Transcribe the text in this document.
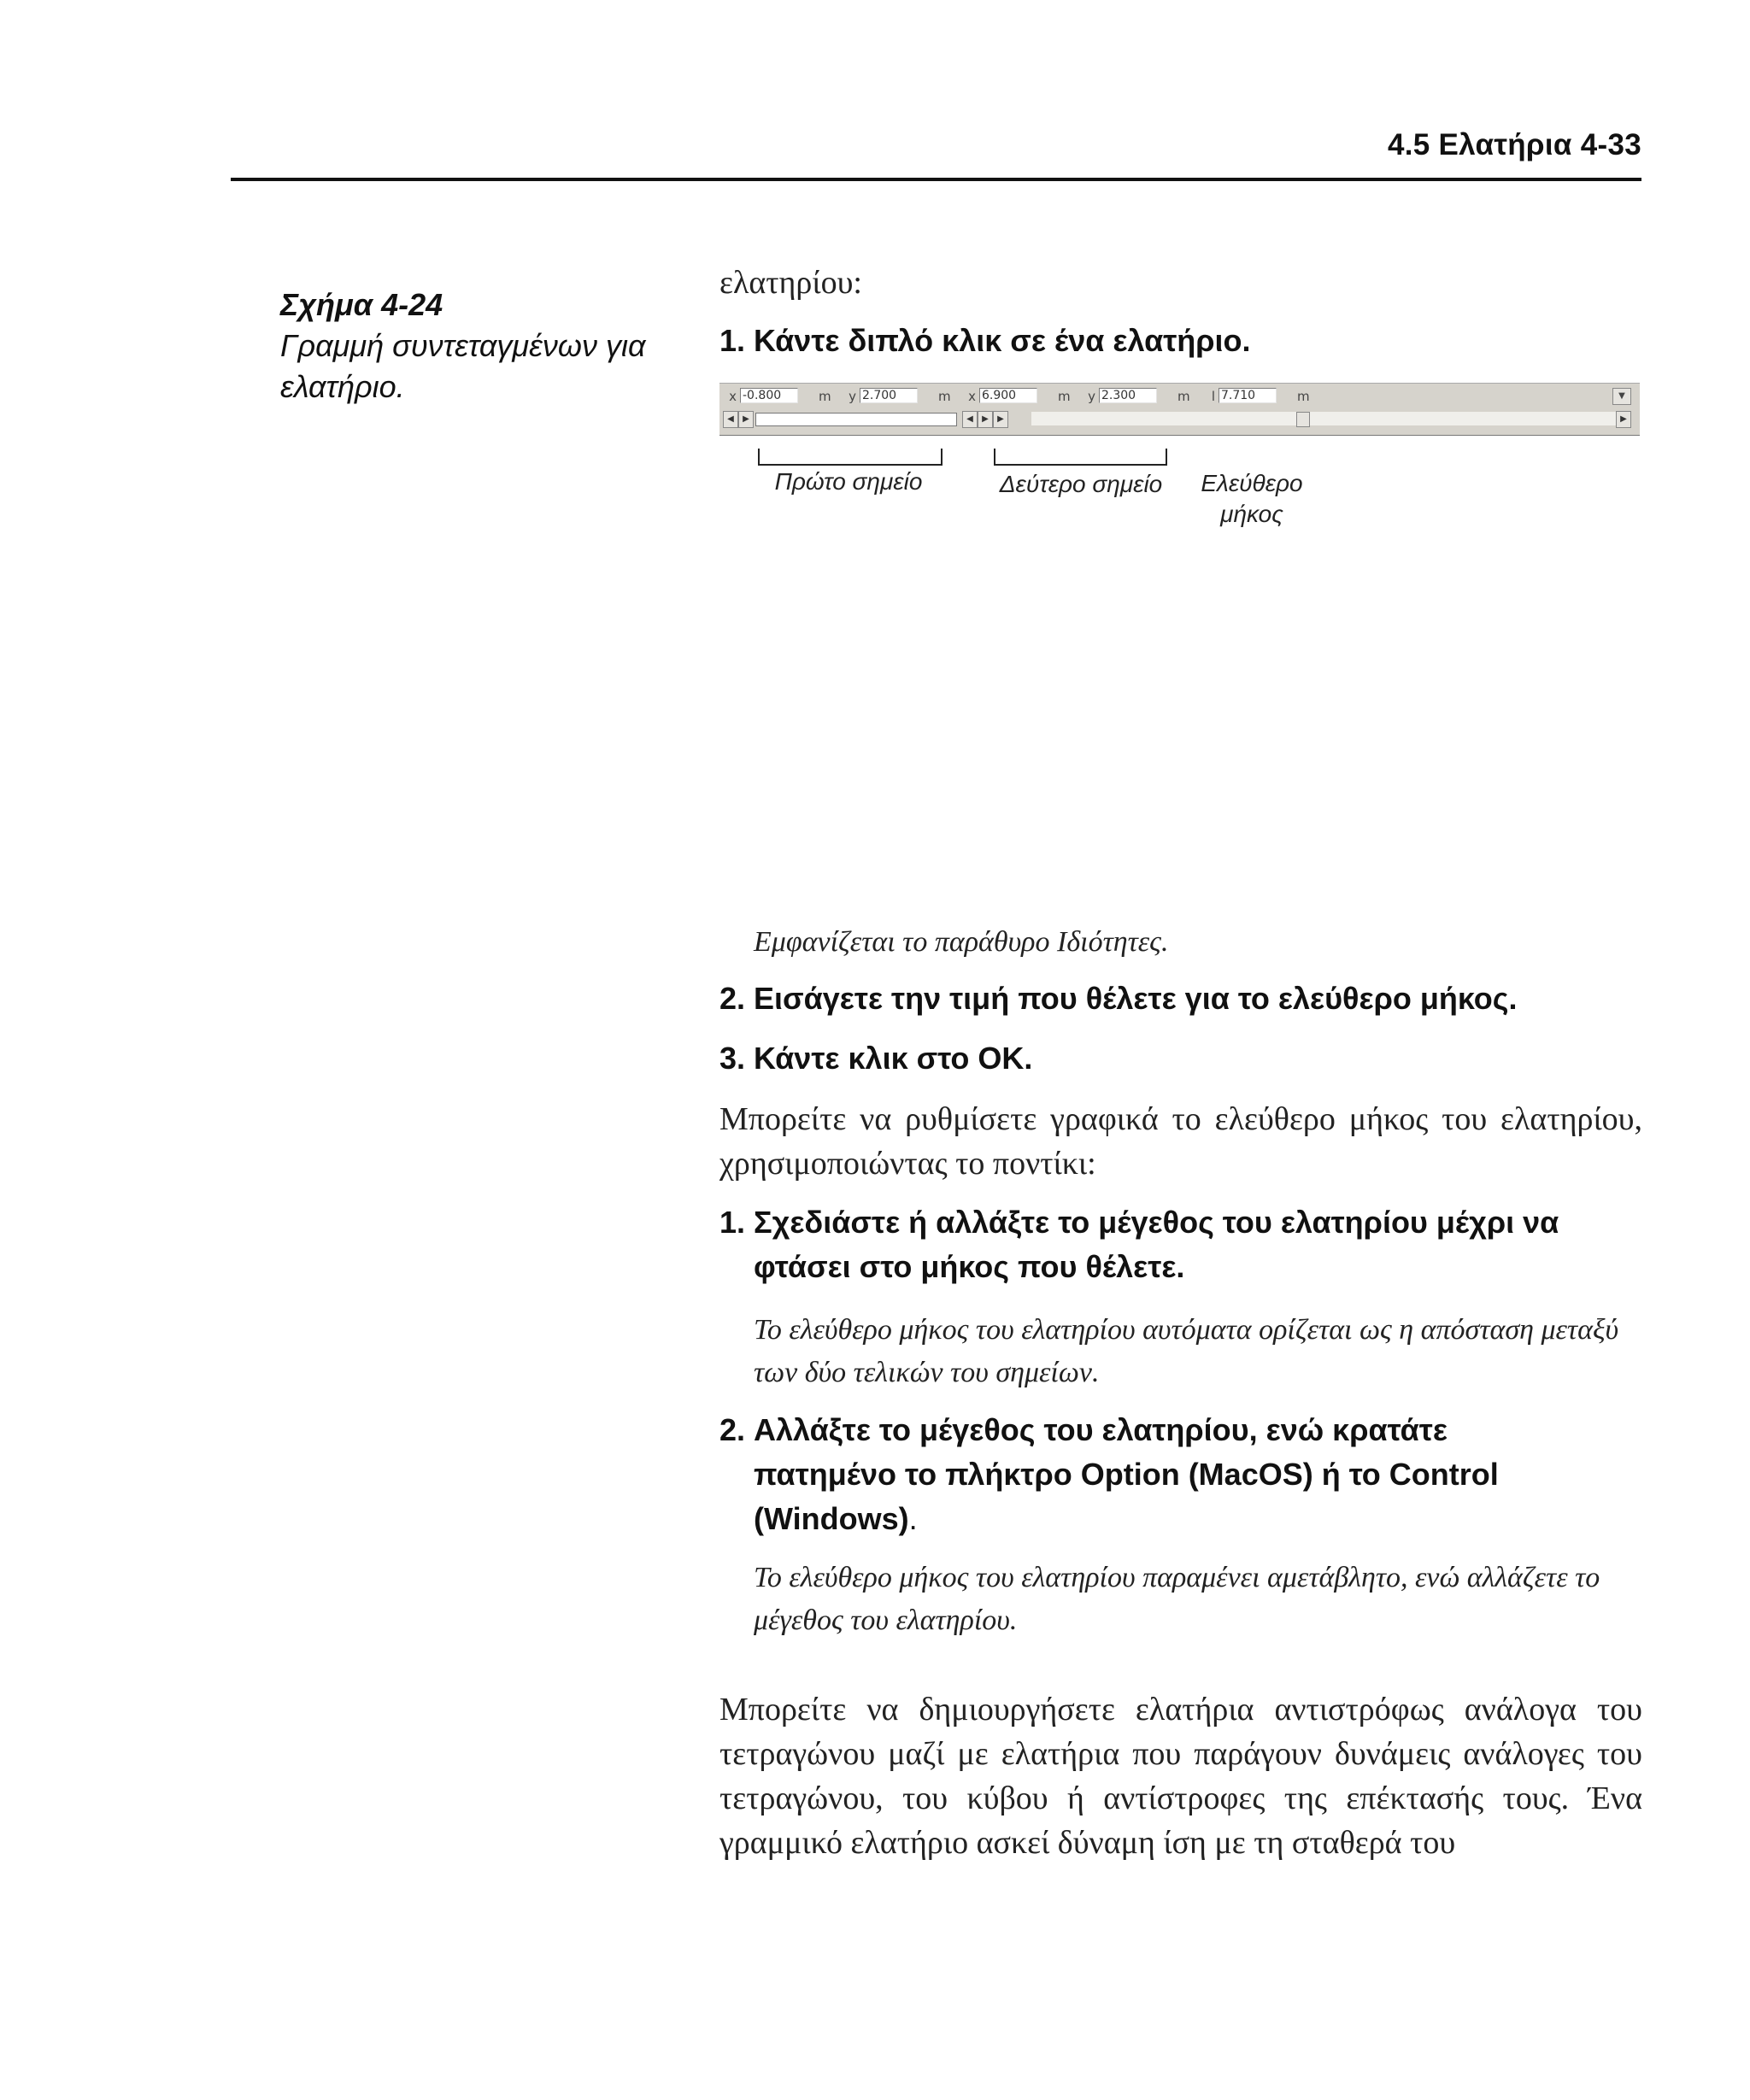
4.5 Ελατήρια 4-33
Σχήμα 4-24
Γραμμή συντεταγμένων για ελατήριο.
ελατηρίου:
1. Κάντε διπλό κλικ σε ένα ελατήριο.
x -0.800	m	y 2.700	m	x 6.900	m	y 2.300	m	l 7.710	m	▼
◀	▶	◀	▶	▶	▶
Πρώτο σημείο	Δεύτερο σημείο	Ελεύθερο
μήκος
Εμφανίζεται το παράθυρο Ιδιότητες.
2. Εισάγετε την τιμή που θέλετε για το ελεύθερο μήκος.
3. Κάντε κλικ στο OK.
Μπορείτε να ρυθμίσετε γραφικά το ελεύθερο μήκος του ελατηρίου, χρησιμοποιώντας το ποντίκι:
1. Σχεδιάστε ή αλλάξτε το μέγεθος του ελατηρίου μέχρι να
φτάσει στο μήκος που θέλετε.
Το ελεύθερο μήκος του ελατηρίου αυτόματα ορίζεται ως η απόσταση μεταξύ των δύο τελικών του σημείων.
2. Αλλάξτε το μέγεθος του ελατηρίου, ενώ κρατάτε
πατημένο το πλήκτρο Option (MacOS) ή το Control
(Windows).
Το ελεύθερο μήκος του ελατηρίου παραμένει αμετάβλητο, ενώ αλλάζετε το μέγεθος του ελατηρίου.
Μπορείτε να δημιουργήσετε ελατήρια αντιστρόφως ανάλογα του τετραγώνου μαζί με ελατήρια που παράγουν δυνάμεις ανάλογες του τετραγώνου, του κύβου ή αντίστροφες της επέκτασής τους. Ένα γραμμικό ελατήριο ασκεί δύναμη ίση με τη σταθερά του
